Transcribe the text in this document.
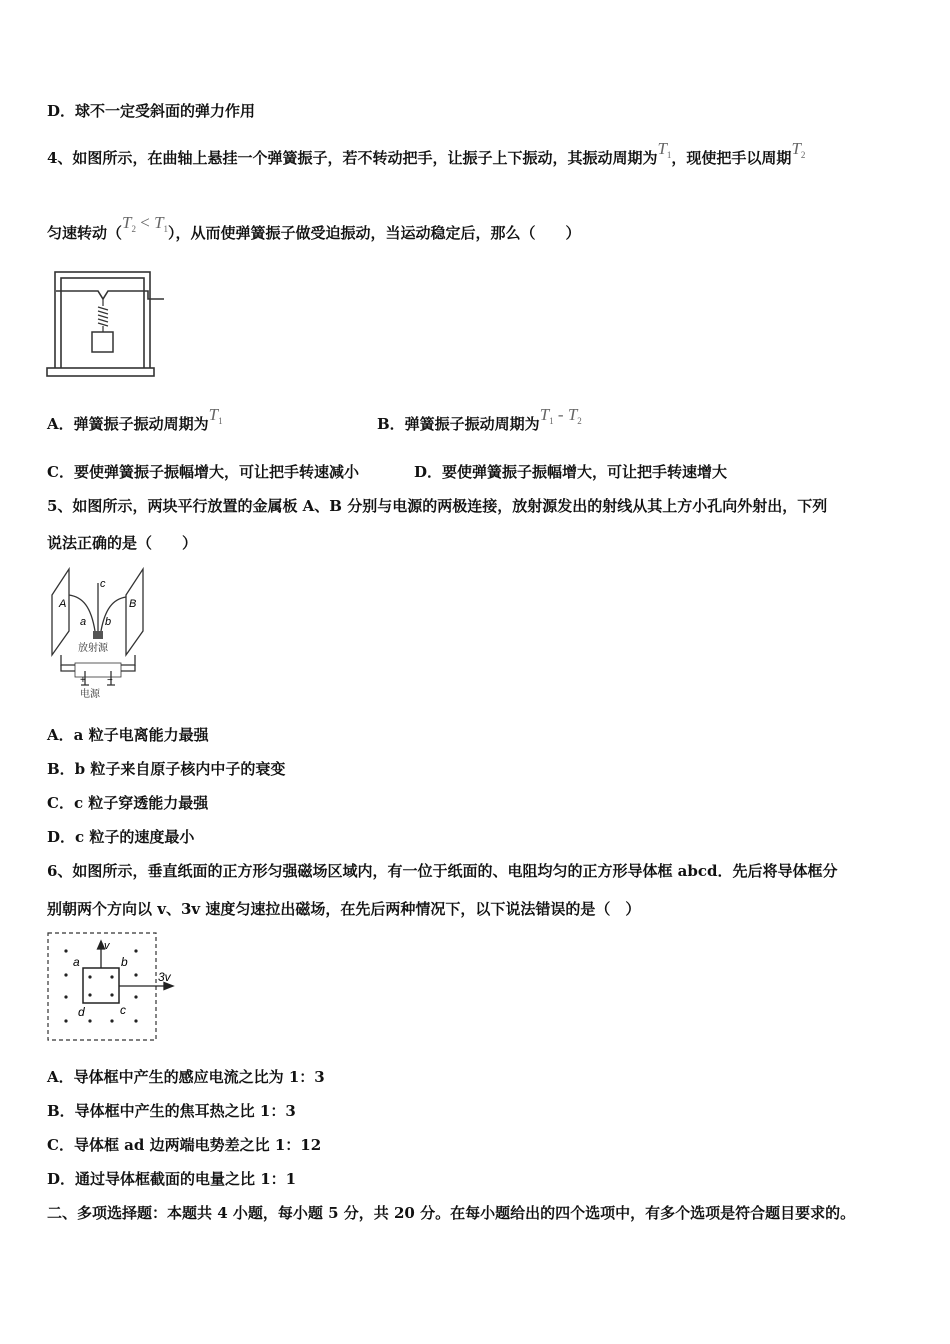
D．球不一定受斜面的弹力作用
4、如图所示，在曲轴上悬挂一个弹簧振子，若不转动把手，让振子上下振动，其振动周期为$T_1$，现使把手以周期$T_2$
匀速转动$(T_2 < T_1)$，从而使弹簧振子做受迫振动，当运动稳定后，那么（　　）
A．弹簧振子振动周期为$T_1$	B．弹簧振子振动周期为$T_1 - T_2$
C．要使弹簧振子振幅增大，可让把手转速减小	D．要使弹簧振子振幅增大，可让把手转速增大
5、如图所示，两块平行放置的金属板 A、B 分别与电源的两极连接，放射源发出的射线从其上方小孔向外射出，下列
说法正确的是（　　）
A	B
a b
c
放射源
+ −
电源
A．a 粒子电离能力最强
B．b 粒子来自原子核内中子的衰变
C．c 粒子穿透能力最强
D．c 粒子的速度最小
6、如图所示，垂直纸面的正方形匀强磁场区域内，有一位于纸面的、电阻均匀的正方形导体框 abcd．先后将导体框分
别朝两个方向以 v、3v 速度匀速拉出磁场，在先后两种情况下，以下说法错误的是（　）
a	b
c
d
v
3v
A．导体框中产生的感应电流之比为 1：3
B．导体框中产生的焦耳热之比 1：3
C．导体框 ad 边两端电势差之比 1：12
D．通过导体框截面的电量之比 1：1
二、多项选择题：本题共 4 小题，每小题 5 分，共 20 分。在每小题给出的四个选项中，有多个选项是符合题目要求的。
